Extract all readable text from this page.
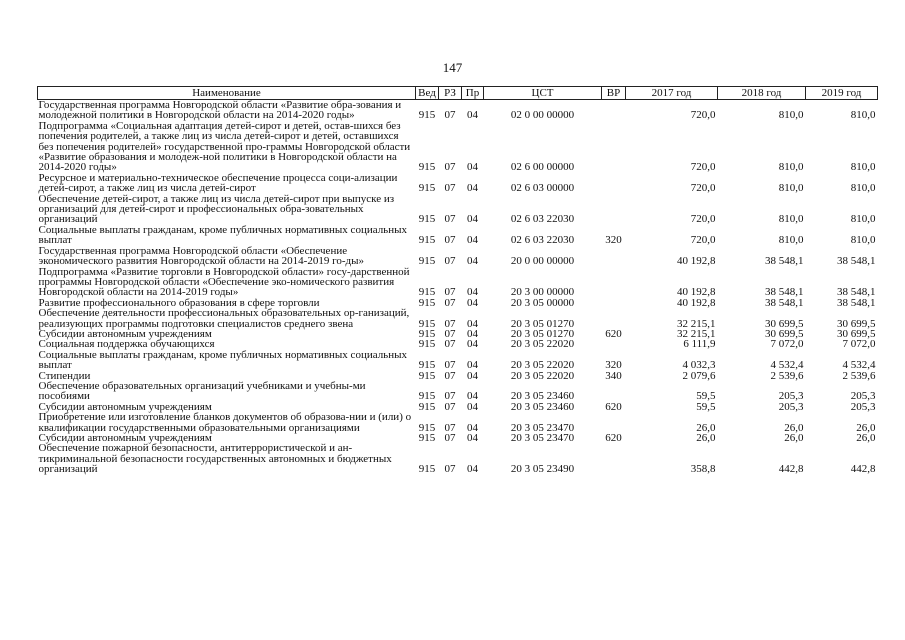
147
Наименование	Вед	РЗ	Пр	ЦСТ	ВР	2017 год	2018 год	2019 год
Государственная программа Новгородской области «Развитие обра-зования и молодежной политики в Новгородской области на 2014-2020 годы»	915	07	04	02 0 00 00000		720,0	810,0	810,0
Подпрограмма «Социальная адаптация детей-сирот и детей, остав-шихся без попечения родителей, а также лиц из числа детей-сирот и детей, оставшихся без попечения родителей» государственной про-граммы Новгородской области «Развитие образования и молодеж-ной политики в Новгородской области на 2014-2020 годы»	915	07	04	02 6 00 00000		720,0	810,0	810,0
Ресурсное и материально-техническое обеспечение процесса соци-ализации детей-сирот, а также лиц из числа детей-сирот	915	07	04	02 6 03 00000		720,0	810,0	810,0
Обеспечение детей-сирот, а также лиц из числа детей-сирот при выпуске из организаций для детей-сирот и профессиональных обра-зовательных организаций	915	07	04	02 6 03 22030		720,0	810,0	810,0
Социальные выплаты гражданам, кроме публичных нормативных социальных выплат	915	07	04	02 6 03 22030	320	720,0	810,0	810,0
Государственная программа Новгородской области «Обеспечение экономического развития Новгородской области на 2014-2019 го-ды»	915	07	04	20 0 00 00000		40 192,8	38 548,1	38 548,1
Подпрограмма «Развитие торговли в Новгородской области» госу-дарственной программы Новгородской области «Обеспечение эко-номического развития Новгородской области на 2014-2019 годы»	915	07	04	20 3 00 00000		40 192,8	38 548,1	38 548,1
Развитие профессионального образования в сфере торговли	915	07	04	20 3 05 00000		40 192,8	38 548,1	38 548,1
Обеспечение деятельности профессиональных образовательных ор-ганизаций, реализующих программы подготовки специалистов среднего звена	915	07	04	20 3 05 01270		32 215,1	30 699,5	30 699,5
Субсидии автономным учреждениям	915	07	04	20 3 05 01270	620	32 215,1	30 699,5	30 699,5
Социальная поддержка обучающихся	915	07	04	20 3 05 22020		6 111,9	7 072,0	7 072,0
Социальные выплаты гражданам, кроме публичных нормативных социальных выплат	915	07	04	20 3 05 22020	320	4 032,3	4 532,4	4 532,4
Стипендии	915	07	04	20 3 05 22020	340	2 079,6	2 539,6	2 539,6
Обеспечение образовательных организаций учебниками и учебны-ми пособиями	915	07	04	20 3 05 23460		59,5	205,3	205,3
Субсидии автономным учреждениям	915	07	04	20 3 05 23460	620	59,5	205,3	205,3
Приобретение или изготовление бланков документов об образова-нии и (или) о квалификации государственными образовательными организациями	915	07	04	20 3 05 23470		26,0	26,0	26,0
Субсидии автономным учреждениям	915	07	04	20 3 05 23470	620	26,0	26,0	26,0
Обеспечение пожарной безопасности, антитеррористической и ан-тикриминальной безопасности государственных автономных и бюджетных организаций	915	07	04	20 3 05 23490		358,8	442,8	442,8
